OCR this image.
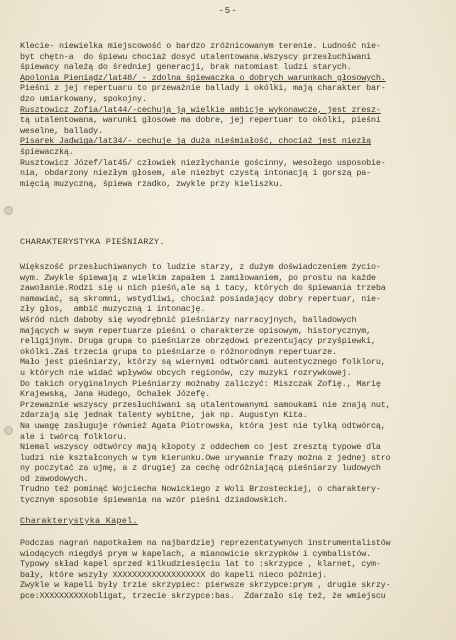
-5-
Klecie- niewielka miejscowość o bardzo zróżnicowanym terenie. Ludność nie-
byt chętn-a  do śpiewu chociaż dosyć utalentowana.Wszyscy przesłuchiwani
śpiewacy należą do średniej generacji, brak natomiast ludzi starych.
Apolonia Pieniądz/lat48/ - zdolna śpiewaczka o dobrych warunkach głosowych.
Pieśni z jej repertuaru to przeważnie ballady i okólki, mają charakter bar-
dzo umiarkowany, spokojny.
Rusztowicz Zofia/lat44/-cechują ją wielkie ambicje wykonawcze, jest zresz-
tą utalentowana, warunki głosowe ma dobre, jej repertuar to okólki, pieśni
weselne, ballady.
Pisarek Jadwiga/lat34/- cechuje ją duża nieśmiałość, chociaż jest niezłą
śpiewaczką.
Rusztowicz Józef/lat45/ człowiek niezłychanie gościnny, wesołego usposobie-
nia, obdarzony niezłym głosem, ale niezbyt czystą intonacją i gorszą pa-
mięcią muzyczną, śpiewa rzadko, zwykle przy kieliszku.
CHARAKTERYSTYKA PIEŚNIARZY.
Większość przesłuchiwanych to ludzie starzy, z dużym doświadczeniem życio-
wym. Zwykle śpiewają z wielkim zapałem i zamiłowaniem, po prostu na każde
zawołanie.Rodzi się u nich pieśń,ale są i tacy, których do śpiewania trzeba
namawiać, są skromni, wstydliwi, chociaż posiadający dobry repertuar, nie-
zły głos,  ambić muzyczną i intonację.
Wśród nich daboby się wyodrębnić pieśniarzy narracyjnych, balladowych
mających w swym repertuarze pieśni o charakterze opisowym, historycznym,
religijnym. Druga grupa to pieśniarze obrzędowi prezentujący przyśpiewki,
okólki.Zaś trzecia grupa to pieśniarze o różnorodnym repertuarze.
Mało jest pieśniarzy, którzy są wiernymi odtwórcami autentycznego folkloru,
u których nie widać wpływów obcych regionów, czy muzyki rozrywkowej.
Do takich oryginalnych Pieśniarzy możnaby zaliczyć: Miszczak Zofię., Marię
Krajewską, Jana Hudego, Ochałek Józefę.
Przewaznie wszyscy przesłuchiwani są utalentowanymi samoukami nie znają nut,
zdarzają się jednak talenty wybitne, jak np. Augustyn Kita.
Na uwagę zasługuje również Agata Piotrowska, która jest nie tylką odtwórcą,
ale i twórcą folkloru.
Niemal wszyscy odtwórcy mają kłopoty z oddechem co jest zresztą typowe dla
ludzi nie kształconych w tym kierunku.Owe urywanie frazy można z jednej stro
ny poczytać za ujmę, a z drugiej za cechę odróżniającą pieśniarzy ludowych
od zawodowych.
Trudno też pominąć Wojciecha Nowickiego z Woli Brzosteckiej, o charaktery-
tycznym sposobie śpiewania na wzór pieśni dziadowskich.
Charakterystyka Kapel.
Podczas nagrań napotkałem na najbardziej reprezentatywnych instrumentalistów
wiodących niegdyś prym w kapelach, a mianowicie skrzypków i cymbalistów.
Typowy skład kapel sprzed kilkudziesięciu lat to :skrzypce , klarnet, cym-
bały, które wszyły XXXXXXXXXXXXXXXXXXX do kapeli nieco później.
Zwykle w kapeli były trzie skrzypiec: pierwsze skrzypce:prym , drugie skrzy-
pce:XXXXXXXXXXobligat, trzecie skrzypce:bas.  Zdarzało się też, że wmiejscu
